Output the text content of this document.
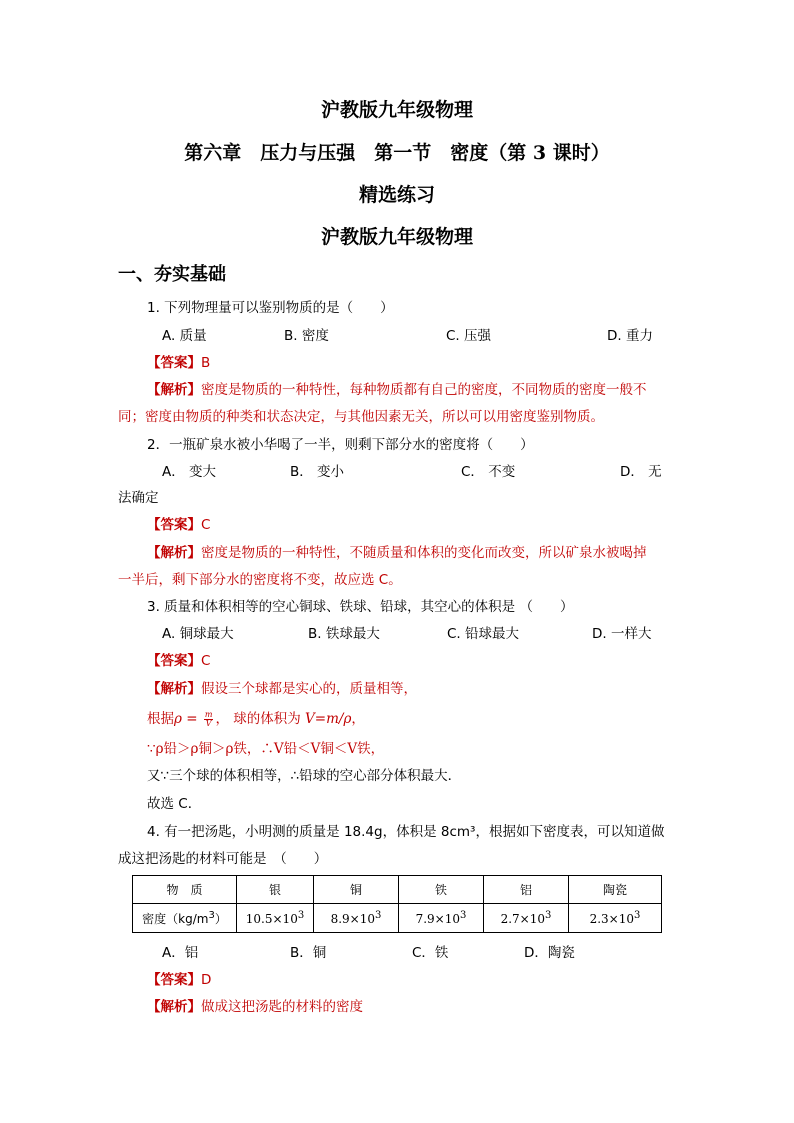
沪教版九年级物理
第六章　压力与压强　第一节　密度（第 3 课时）
精选练习
沪教版九年级物理
一、夯实基础
1. 下列物理量可以鉴别物质的是（　　）
A. 质量	B. 密度	C. 压强	D. 重力
【答案】B
【解析】密度是物质的一种特性，每种物质都有自己的密度，不同物质的密度一般不
同；密度由物质的种类和状态决定，与其他因素无关，所以可以用密度鉴别物质。
2．一瓶矿泉水被小华喝了一半，则剩下部分水的密度将（　　）
A． 变大	B． 变小	C． 不变	D． 无
法确定
【答案】C
【解析】密度是物质的一种特性，不随质量和体积的变化而改变，所以矿泉水被喝掉
一半后，剩下部分水的密度将不变，故应选 C。
3. 质量和体积相等的空心铜球、铁球、铅球，其空心的体积是 （　　）
A. 铜球最大	B. 铁球最大	C. 铅球最大	D. 一样大
【答案】C
【解析】假设三个球都是实心的，质量相等，
根据$\rho = \frac{m}{V}$ ， 球的体积为 V=m/ρ，
∵ρ铅＞ρ铜＞ρ铁，∴V铅＜V铜＜V铁，
又∵三个球的体积相等，∴铅球的空心部分体积最大．
故选 C．
4. 有一把汤匙，小明测的质量是 18.4g，体积是 8cm³，根据如下密度表，可以知道做
成这把汤匙的材料可能是　（　　）
物　质	银	铜	铁	铝	陶瓷
密度$(kg/m^3)$	$10.5\times 10^3$	$8.9\times 10^3$	$7.9\times 10^3$	$2.7\times 10^3$	$2.3\times 10^3$
A．铝	B．铜	C．铁	D．陶瓷
【答案】D
【解析】做成这把汤匙的材料的密度
